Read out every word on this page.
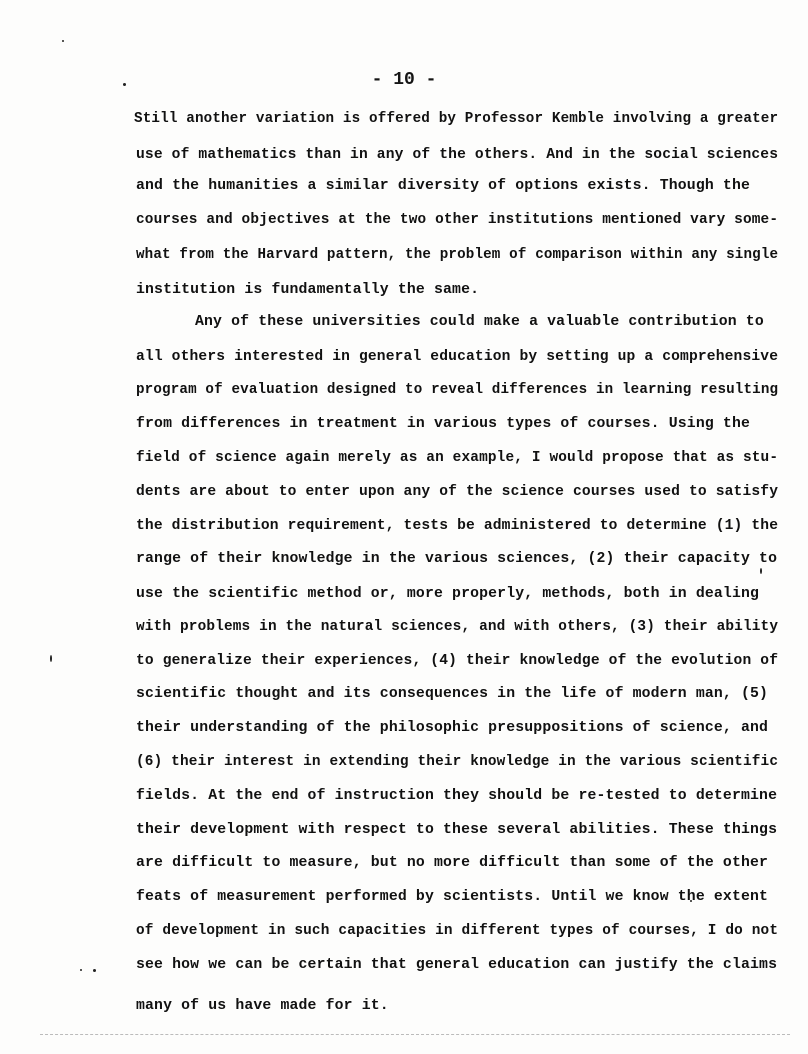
- 10 -
Still another variation is offered by Professor Kemble involving a greater
use of mathematics than in any of the others. And in the social sciences
and the humanities a similar diversity of options exists. Though the
courses and objectives at the two other institutions mentioned vary some-
what from the Harvard pattern, the problem of comparison within any single
institution is fundamentally the same.
Any of these universities could make a valuable contribution to
all others interested in general education by setting up a comprehensive
program of evaluation designed to reveal differences in learning resulting
from differences in treatment in various types of courses. Using the
field of science again merely as an example, I would propose that as stu-
dents are about to enter upon any of the science courses used to satisfy
the distribution requirement, tests be administered to determine (1) the
range of their knowledge in the various sciences, (2) their capacity to
use the scientific method or, more properly, methods, both in dealing
with problems in the natural sciences, and with others, (3) their ability
to generalize their experiences, (4) their knowledge of the evolution of
scientific thought and its consequences in the life of modern man, (5)
their understanding of the philosophic presuppositions of science, and
(6) their interest in extending their knowledge in the various scientific
fields. At the end of instruction they should be re-tested to determine
their development with respect to these several abilities. These things
are difficult to measure, but no more difficult than some of the other
feats of measurement performed by scientists. Until we know the extent
of development in such capacities in different types of courses, I do not
see how we can be certain that general education can justify the claims
many of us have made for it.
